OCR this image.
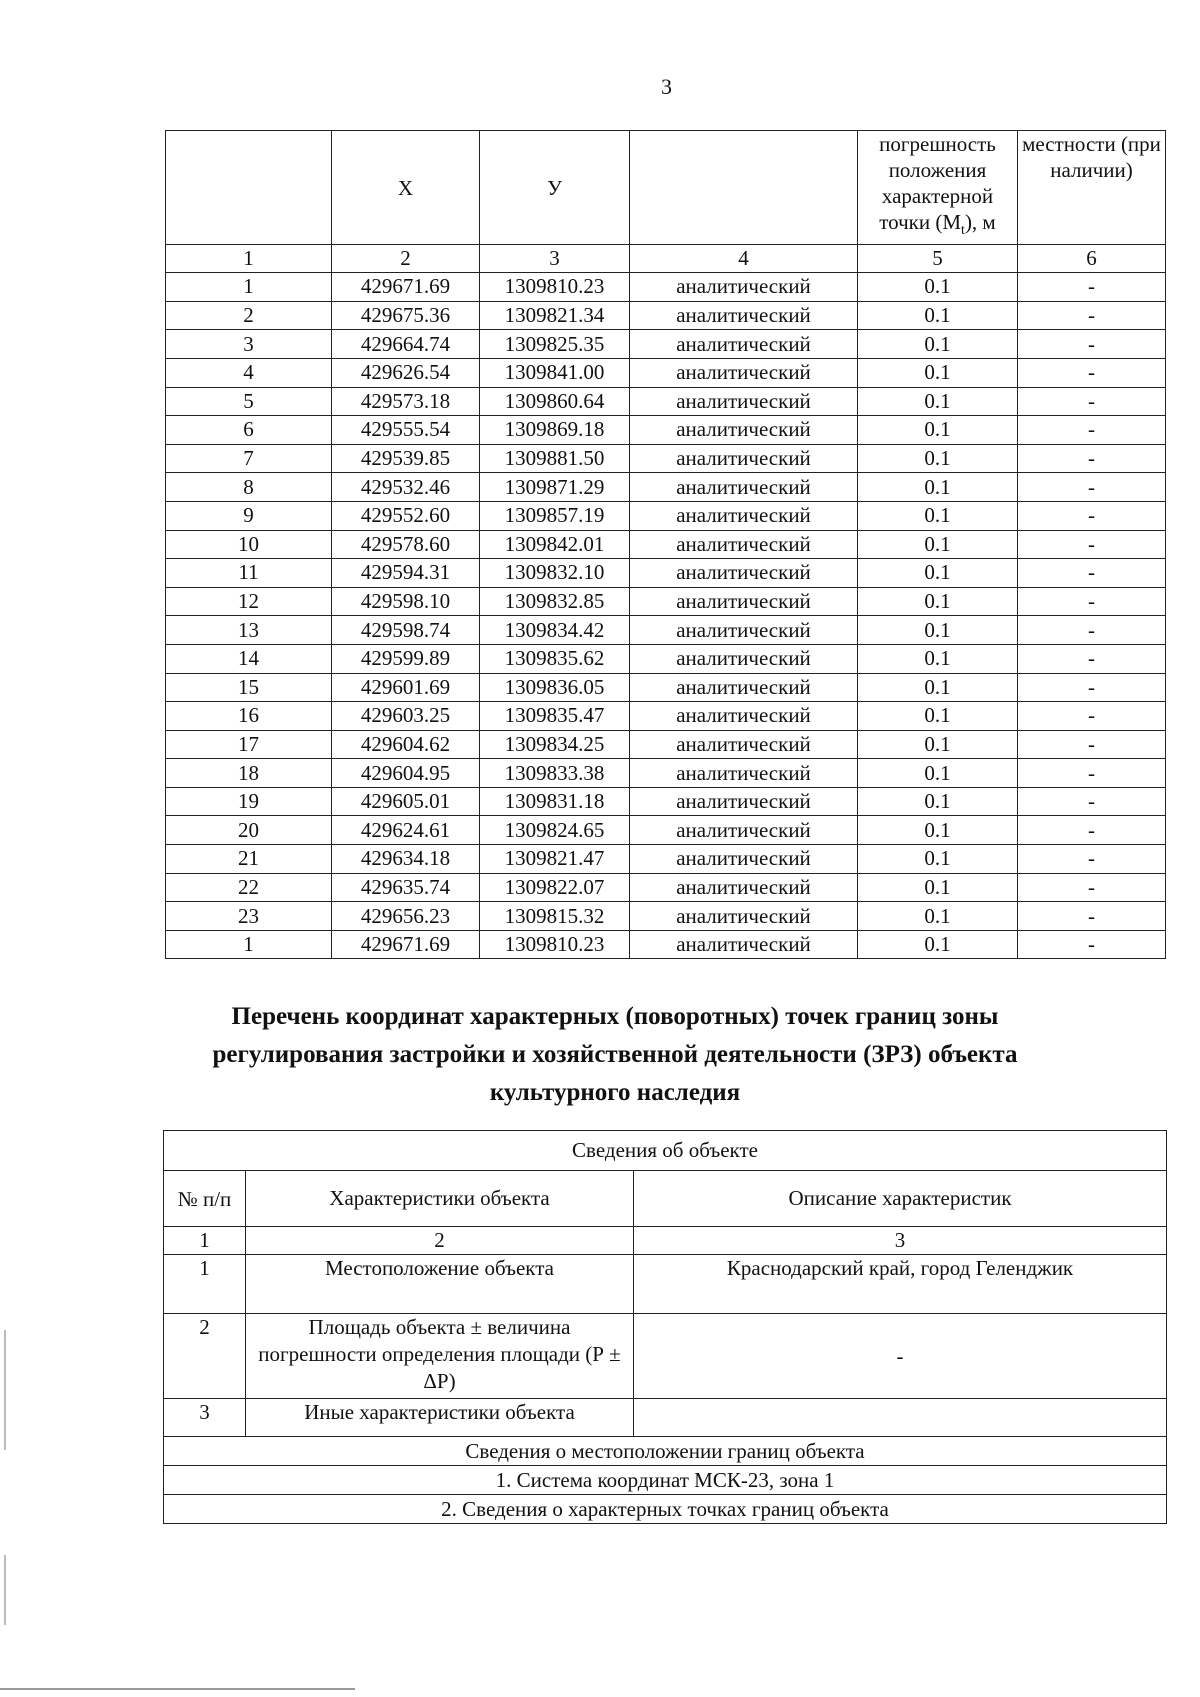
3
	Х	У		погрешность положения характерной точки $(M_t)$, м	местности (при наличии)
1	2	3	4	5	6
1	429671.69	1309810.23	аналитический	0.1	-
2	429675.36	1309821.34	аналитический	0.1	-
3	429664.74	1309825.35	аналитический	0.1	-
4	429626.54	1309841.00	аналитический	0.1	-
5	429573.18	1309860.64	аналитический	0.1	-
6	429555.54	1309869.18	аналитический	0.1	-
7	429539.85	1309881.50	аналитический	0.1	-
8	429532.46	1309871.29	аналитический	0.1	-
9	429552.60	1309857.19	аналитический	0.1	-
10	429578.60	1309842.01	аналитический	0.1	-
11	429594.31	1309832.10	аналитический	0.1	-
12	429598.10	1309832.85	аналитический	0.1	-
13	429598.74	1309834.42	аналитический	0.1	-
14	429599.89	1309835.62	аналитический	0.1	-
15	429601.69	1309836.05	аналитический	0.1	-
16	429603.25	1309835.47	аналитический	0.1	-
17	429604.62	1309834.25	аналитический	0.1	-
18	429604.95	1309833.38	аналитический	0.1	-
19	429605.01	1309831.18	аналитический	0.1	-
20	429624.61	1309824.65	аналитический	0.1	-
21	429634.18	1309821.47	аналитический	0.1	-
22	429635.74	1309822.07	аналитический	0.1	-
23	429656.23	1309815.32	аналитический	0.1	-
1	429671.69	1309810.23	аналитический	0.1	-
Перечень координат характерных (поворотных) точек границ зоны регулирования застройки и хозяйственной деятельности (ЗРЗ) объекта культурного наследия
Сведения об объекте		
№ п/п	Характеристики объекта	Описание характеристик
1	2	3
1	Местоположение объекта	Краснодарский край, город Геленджик
2	Площадь объекта ± величина погрешности определения площади (Р ± ΔР)	-
3	Иные характеристики объекта	
Сведения о местоположении границ объекта		
1. Система координат МСК-23, зона 1		
2. Сведения о характерных точках границ объекта		
